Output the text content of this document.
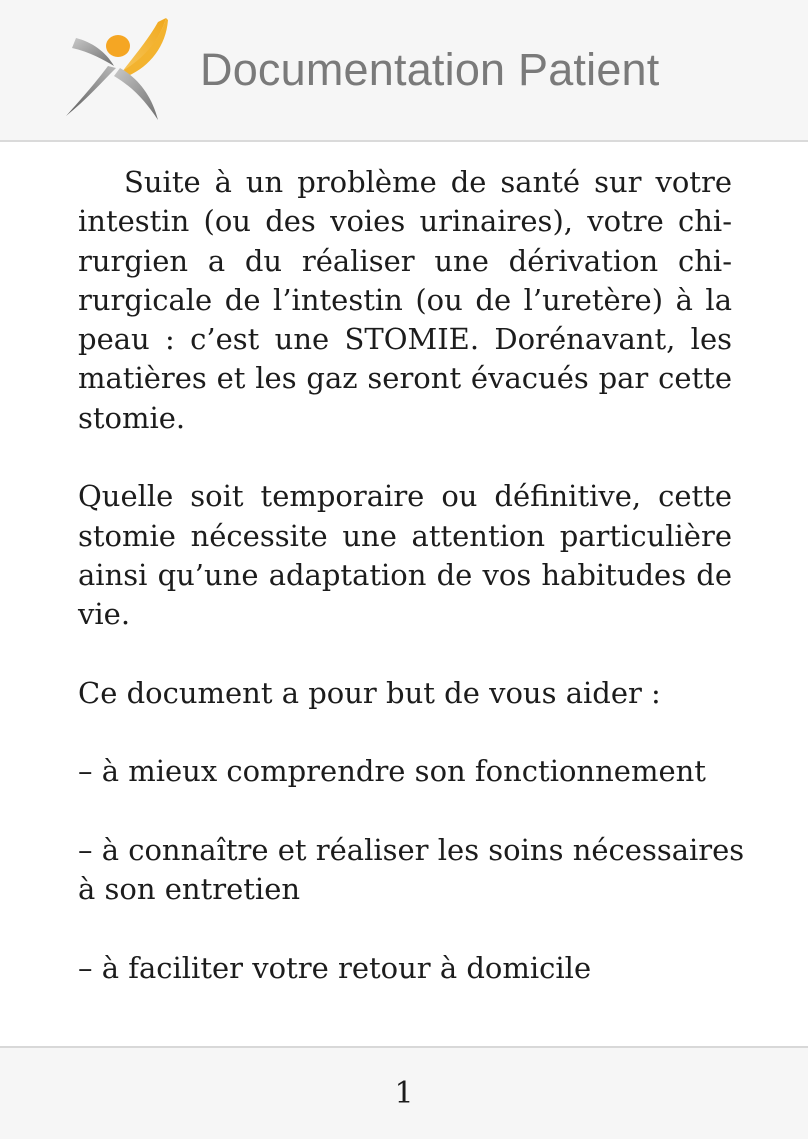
Documentation Patient

Suite à un problème de santé sur votre intestin (ou des voies urinaires), votre chirurgien a du réaliser une dérivation chirurgicale de l’intestin (ou de l’uretère) à la peau : c’est une STOMIE. Dorénavant, les matières et les gaz seront évacués par cette stomie.

Quelle soit temporaire ou définitive, cette stomie nécessite une attention particulière ainsi qu’une adaptation de vos habitudes de vie.

Ce document a pour but de vous aider :

– à mieux comprendre son fonctionnement

– à connaître et réaliser les soins nécessaires à son entretien

– à faciliter votre retour à domicile

1
